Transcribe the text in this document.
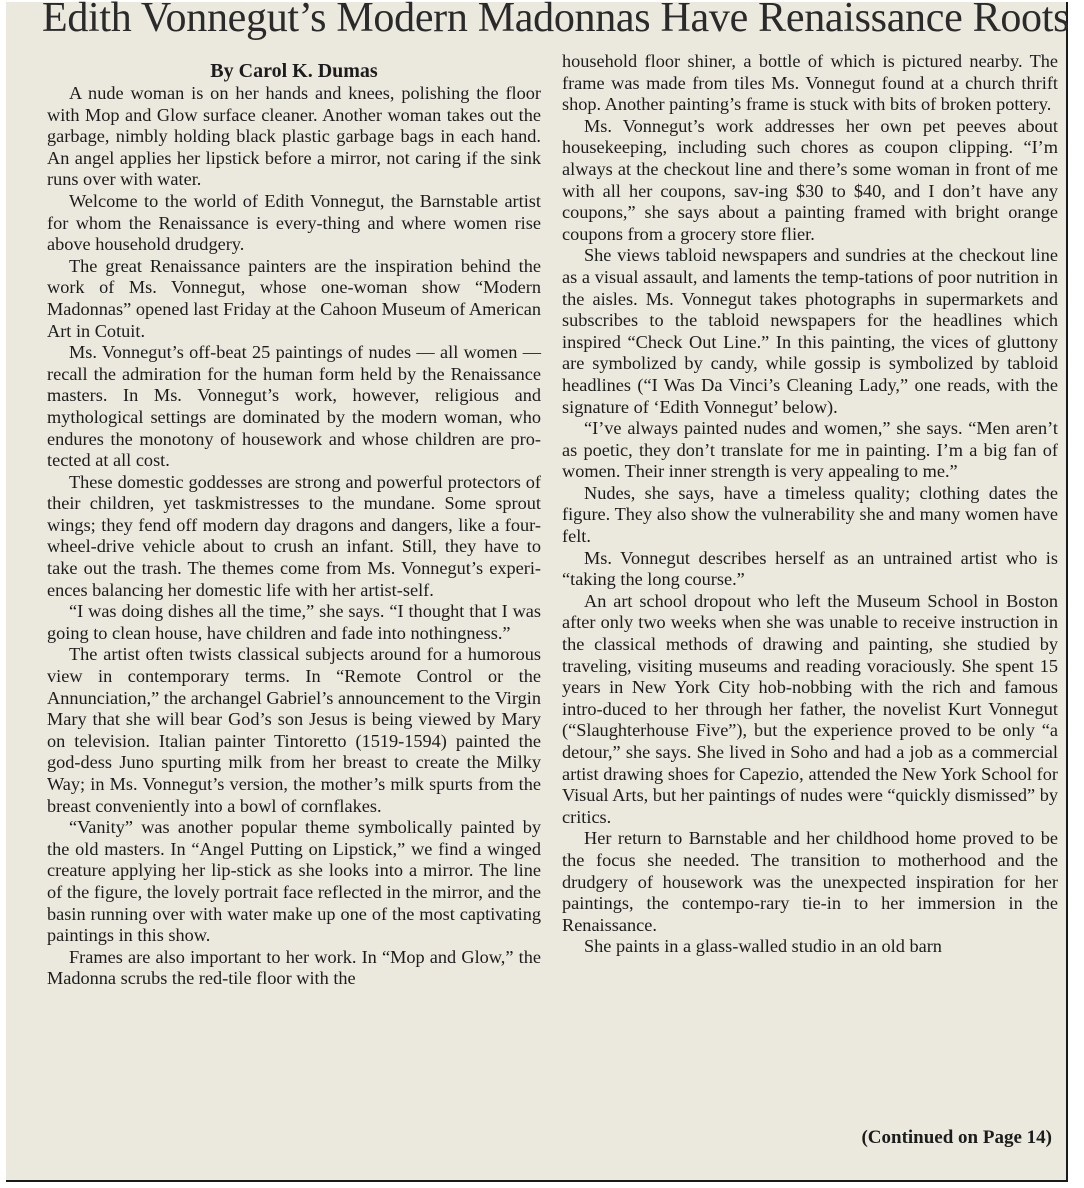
Edith Vonnegut’s Modern Madonnas Have Renaissance Roots
By Carol K. Dumas

A nude woman is on her hands and knees, polishing the floor with Mop and Glow surface cleaner. Another woman takes out the garbage, nimbly holding black plastic garbage bags in each hand. An angel applies her lipstick before a mirror, not caring if the sink runs over with water.

Welcome to the world of Edith Vonnegut, the Barnstable artist for whom the Renaissance is every-thing and where women rise above household drudgery.

The great Renaissance painters are the inspiration behind the work of Ms. Vonnegut, whose one-woman show “Modern Madonnas” opened last Friday at the Cahoon Museum of American Art in Cotuit.

Ms. Vonnegut’s off-beat 25 paintings of nudes — all women — recall the admiration for the human form held by the Renaissance masters. In Ms. Vonnegut’s work, however, religious and mythological settings are dominated by the modern woman, who endures the monotony of housework and whose children are pro-tected at all cost.

These domestic goddesses are strong and powerful protectors of their children, yet taskmistresses to the mundane. Some sprout wings; they fend off modern day dragons and dangers, like a four-wheel-drive vehicle about to crush an infant. Still, they have to take out the trash. The themes come from Ms. Vonnegut’s experi-ences balancing her domestic life with her artist-self.

“I was doing dishes all the time,” she says. “I thought that I was going to clean house, have children and fade into nothingness.”

The artist often twists classical subjects around for a humorous view in contemporary terms. In “Remote Control or the Annunciation,” the archangel Gabriel’s announcement to the Virgin Mary that she will bear God’s son Jesus is being viewed by Mary on television. Italian painter Tintoretto (1519-1594) painted the god-dess Juno spurting milk from her breast to create the Milky Way; in Ms. Vonnegut’s version, the mother’s milk spurts from the breast conveniently into a bowl of cornflakes.

“Vanity” was another popular theme symbolically painted by the old masters. In “Angel Putting on Lipstick,” we find a winged creature applying her lip-stick as she looks into a mirror. The line of the figure, the lovely portrait face reflected in the mirror, and the basin running over with water make up one of the most captivating paintings in this show.

Frames are also important to her work. In “Mop and Glow,” the Madonna scrubs the red-tile floor with the

household floor shiner, a bottle of which is pictured nearby. The frame was made from tiles Ms. Vonnegut found at a church thrift shop. Another painting’s frame is stuck with bits of broken pottery.

Ms. Vonnegut’s work addresses her own pet peeves about housekeeping, including such chores as coupon clipping. “I’m always at the checkout line and there’s some woman in front of me with all her coupons, sav-ing $30 to $40, and I don’t have any coupons,” she says about a painting framed with bright orange coupons from a grocery store flier.

She views tabloid newspapers and sundries at the checkout line as a visual assault, and laments the temp-tations of poor nutrition in the aisles. Ms. Vonnegut takes photographs in supermarkets and subscribes to the tabloid newspapers for the headlines which inspired “Check Out Line.” In this painting, the vices of gluttony are symbolized by candy, while gossip is symbolized by tabloid headlines (“I Was Da Vinci’s Cleaning Lady,” one reads, with the signature of ‘Edith Vonnegut’ below).

“I’ve always painted nudes and women,” she says. “Men aren’t as poetic, they don’t translate for me in painting. I’m a big fan of women. Their inner strength is very appealing to me.”

Nudes, she says, have a timeless quality; clothing dates the figure. They also show the vulnerability she and many women have felt.

Ms. Vonnegut describes herself as an untrained artist who is “taking the long course.”

An art school dropout who left the Museum School in Boston after only two weeks when she was unable to receive instruction in the classical methods of drawing and painting, she studied by traveling, visiting museums and reading voraciously. She spent 15 years in New York City hob-nobbing with the rich and famous intro-duced to her through her father, the novelist Kurt Vonnegut (“Slaughterhouse Five”), but the experience proved to be only “a detour,” she says. She lived in Soho and had a job as a commercial artist drawing shoes for Capezio, attended the New York School for Visual Arts, but her paintings of nudes were “quickly dismissed” by critics.

Her return to Barnstable and her childhood home proved to be the focus she needed. The transition to motherhood and the drudgery of housework was the unexpected inspiration for her paintings, the contempo-rary tie-in to her immersion in the Renaissance.

She paints in a glass-walled studio in an old barn

(Continued on Page 14)
